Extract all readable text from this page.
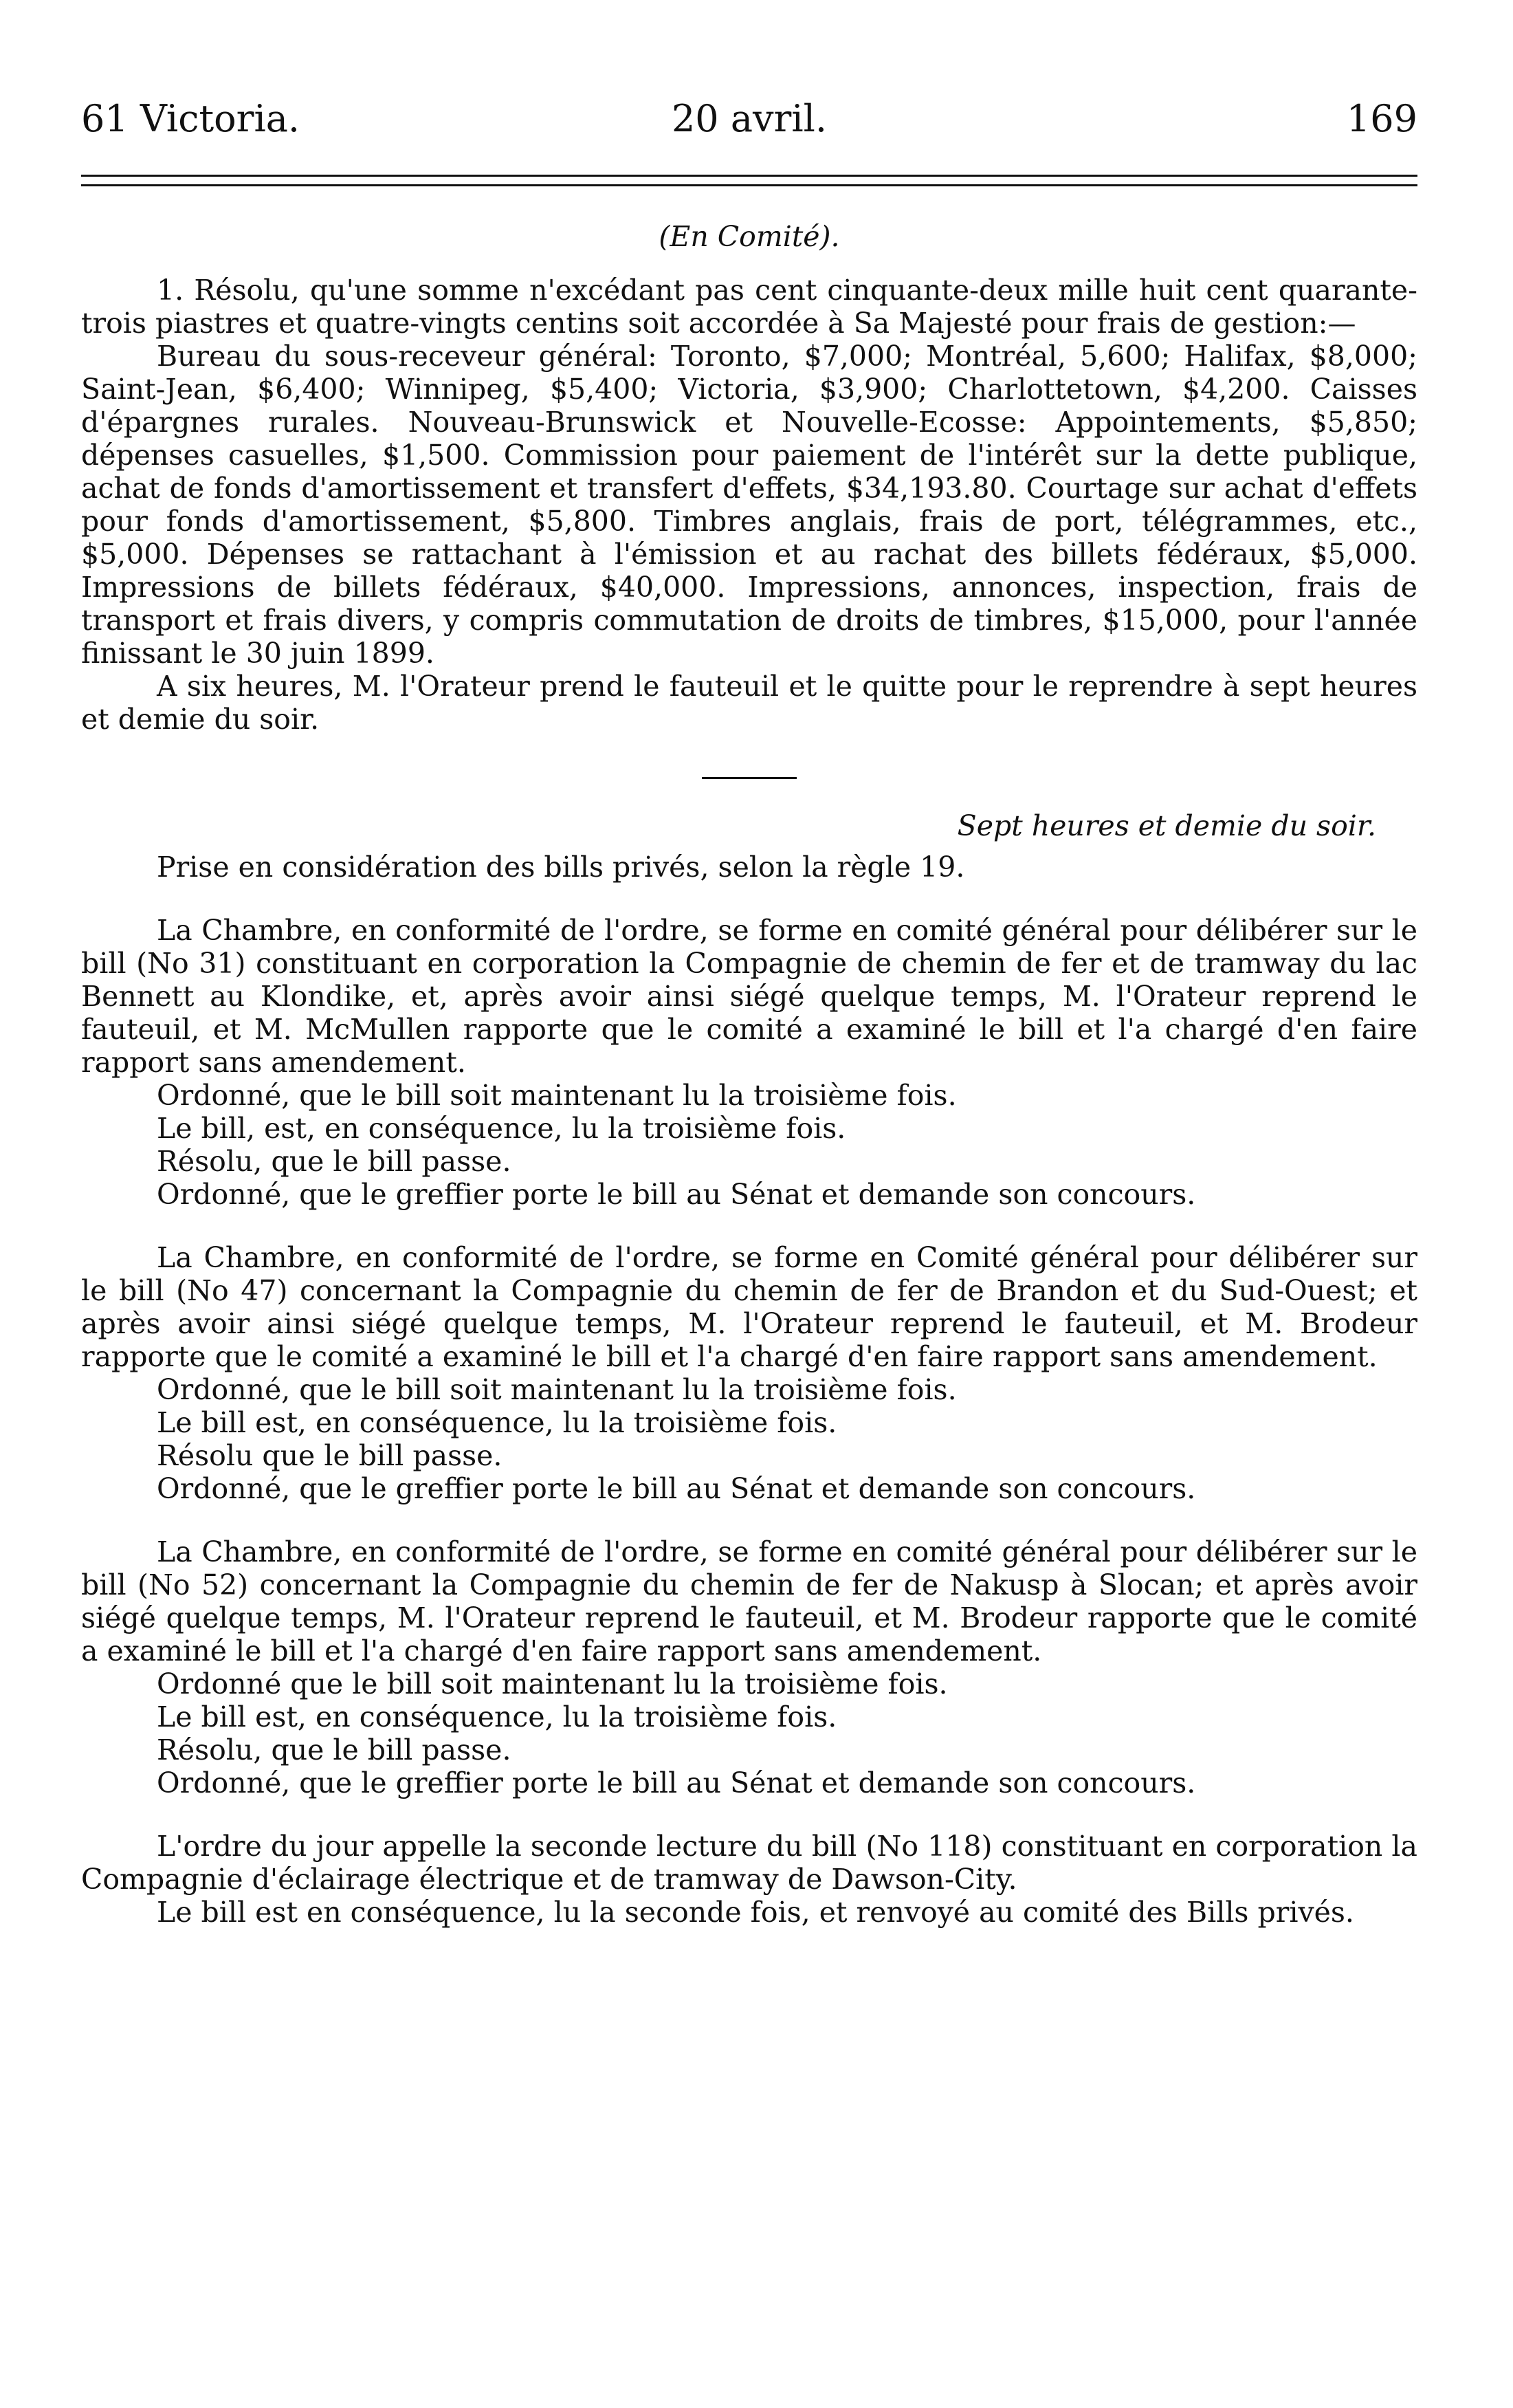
61 Victoria.	20 avril.	169

(En Comité).

1. Résolu, qu'une somme n'excédant pas cent cinquante-deux mille huit cent quarante-trois piastres et quatre-vingts centins soit accordée à Sa Majesté pour frais de gestion:—

Bureau du sous-receveur général: Toronto, $7,000; Montréal, 5,600; Halifax, $8,000; Saint-Jean, $6,400; Winnipeg, $5,400; Victoria, $3,900; Charlottetown, $4,200. Caisses d'épargnes rurales. Nouveau-Brunswick et Nouvelle-Ecosse: Appointements, $5,850; dépenses casuelles, $1,500. Commission pour paiement de l'intérêt sur la dette publique, achat de fonds d'amortissement et transfert d'effets, $34,193.80. Courtage sur achat d'effets pour fonds d'amortissement, $5,800. Timbres anglais, frais de port, télégrammes, etc., $5,000. Dépenses se rattachant à l'émission et au rachat des billets fédéraux, $5,000. Impressions de billets fédéraux, $40,000. Impressions, annonces, inspection, frais de transport et frais divers, y compris commutation de droits de timbres, $15,000, pour l'année finissant le 30 juin 1899.

A six heures, M. l'Orateur prend le fauteuil et le quitte pour le reprendre à sept heures et demie du soir.

Sept heures et demie du soir.

Prise en considération des bills privés, selon la règle 19.

La Chambre, en conformité de l'ordre, se forme en comité général pour délibérer sur le bill (No 31) constituant en corporation la Compagnie de chemin de fer et de tramway du lac Bennett au Klondike, et, après avoir ainsi siégé quelque temps, M. l'Orateur reprend le fauteuil, et M. McMullen rapporte que le comité a examiné le bill et l'a chargé d'en faire rapport sans amendement.

Ordonné, que le bill soit maintenant lu la troisième fois.

Le bill, est, en conséquence, lu la troisième fois.

Résolu, que le bill passe.

Ordonné, que le greffier porte le bill au Sénat et demande son concours.

La Chambre, en conformité de l'ordre, se forme en Comité général pour délibérer sur le bill (No 47) concernant la Compagnie du chemin de fer de Brandon et du Sud-Ouest; et après avoir ainsi siégé quelque temps, M. l'Orateur reprend le fauteuil, et M. Brodeur rapporte que le comité a examiné le bill et l'a chargé d'en faire rapport sans amendement.

Ordonné, que le bill soit maintenant lu la troisième fois.

Le bill est, en conséquence, lu la troisième fois.

Résolu que le bill passe.

Ordonné, que le greffier porte le bill au Sénat et demande son concours.

La Chambre, en conformité de l'ordre, se forme en comité général pour délibérer sur le bill (No 52) concernant la Compagnie du chemin de fer de Nakusp à Slocan; et après avoir siégé quelque temps, M. l'Orateur reprend le fauteuil, et M. Brodeur rapporte que le comité a examiné le bill et l'a chargé d'en faire rapport sans amendement.

Ordonné que le bill soit maintenant lu la troisième fois.

Le bill est, en conséquence, lu la troisième fois.

Résolu, que le bill passe.

Ordonné, que le greffier porte le bill au Sénat et demande son concours.

L'ordre du jour appelle la seconde lecture du bill (No 118) constituant en corporation la Compagnie d'éclairage électrique et de tramway de Dawson-City.

Le bill est en conséquence, lu la seconde fois, et renvoyé au comité des Bills privés.
